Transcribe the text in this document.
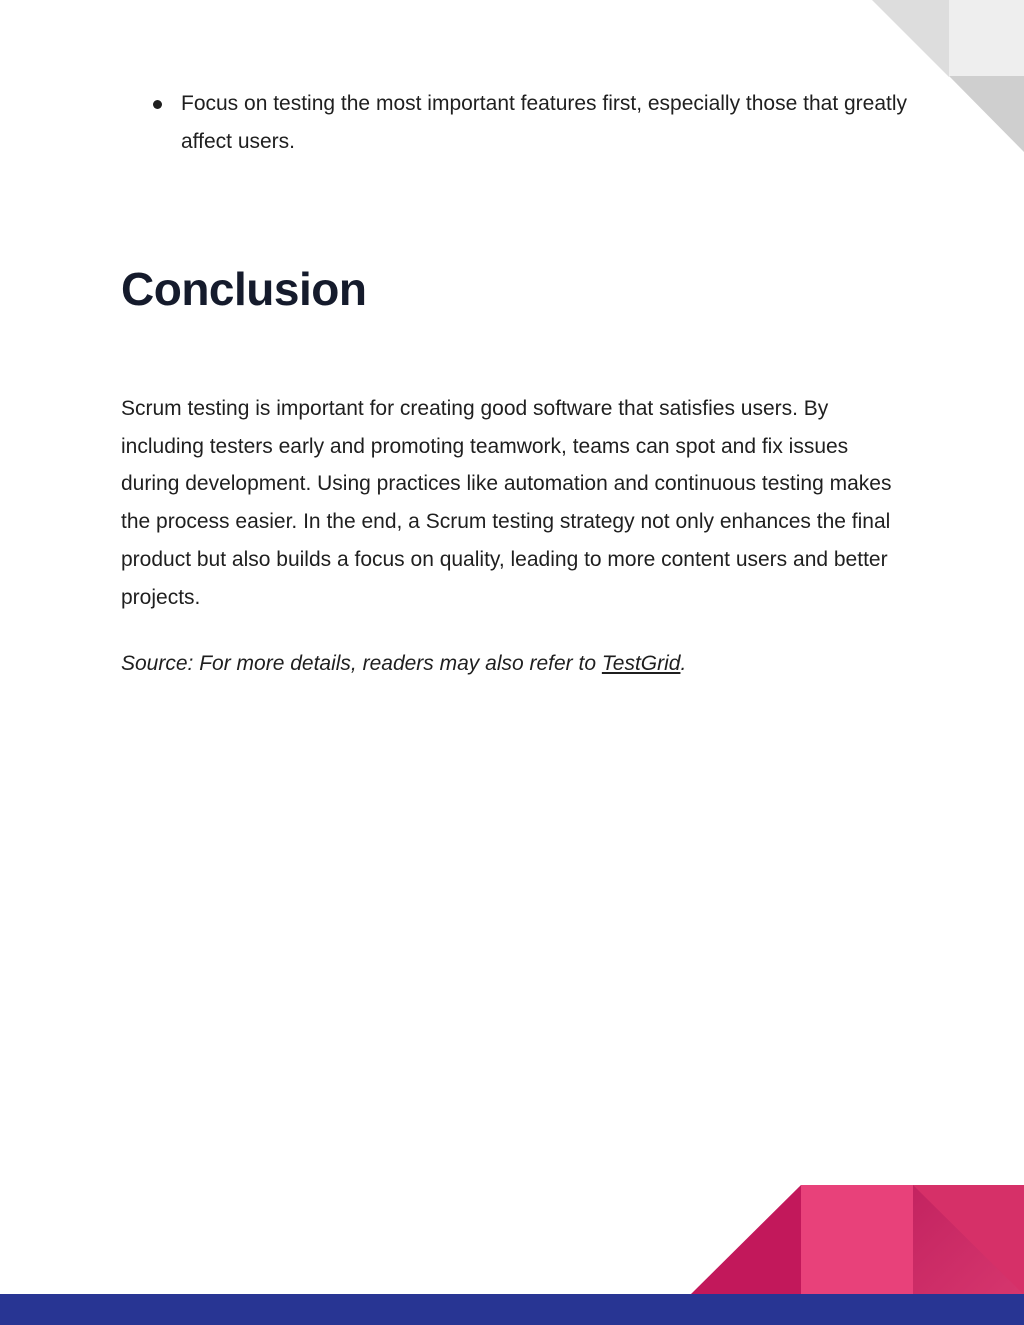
Focus on testing the most important features first, especially those that greatly affect users.
Conclusion

Scrum testing is important for creating good software that satisfies users. By including testers early and promoting teamwork, teams can spot and fix issues during development. Using practices like automation and continuous testing makes the process easier. In the end, a Scrum testing strategy not only enhances the final product but also builds a focus on quality, leading to more content users and better projects.

Source: For more details, readers may also refer to TestGrid.
